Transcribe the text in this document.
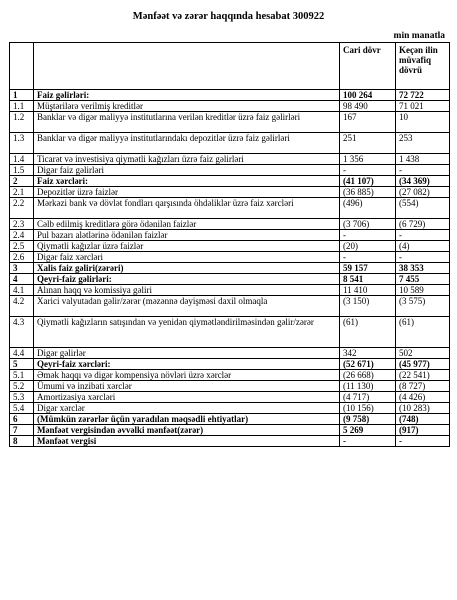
Mənfəət və zərər haqqında hesabat 300922
min manatla
		Cari dövr	Keçən ilin müvafiq dövrü
1	Faiz gəlirləri:	100 264	72 722
1.1	Müştərilərə verilmiş kreditlər	98 490	71 021
1.2	Banklar və digər maliyyə institutlarına verilən kreditlər üzrə faiz gəlirləri	167	10
1.3	Banklar və digər maliyyə institutlarındakı depozitlər üzrə faiz gəlirləri	251	253
1.4	Ticarət və investisiya qiymətli kağızları üzrə faiz gəlirləri	1 356	1 438
1.5	Digər faiz gəlirləri	-	-
2	Faiz xərcləri:	(41 107)	(34 369)
2.1	Depozitlər üzrə faizlər	(36 885)	(27 082)
2.2	Mərkəzi bank və dövlət fondları qarşısında öhdəliklər üzrə faiz xərcləri	(496)	(554)
2.3	Cəlb edilmiş kreditlərə görə ödənilən faizlər	(3 706)	(6 729)
2.4	Pul bazarı alətlərinə ödənilən faizlər	-	-
2.5	Qiymətli kağızlar üzrə faizlər	(20)	(4)
2.6	Digər faiz xərcləri	-	-
3	Xalis faiz gəliri(zərəri)	59 157	38 353
4	Qeyri-faiz gəlirləri:	8 541	7 455
4.1	Alınan haqq və komissiya gəliri	11 410	10 589
4.2	Xarici valyutadan gəlir/zərər (məzənnə dəyişməsi daxil olmaqla	(3 150)	(3 575)
4.3	Qiymətli kağızların satışından və yenidən qiymətləndirilməsindən gəlir/zərər	(61)	(61)
4.4	Digər gəlirlər	342	502
5	Qeyri-faiz xərcləri:	(52 671)	(45 977)
5.1	Əmək haqqı və digər kompensiya növləri üzrə xərclər	(26 668)	(22 541)
5.2	Ümumi və inzibati xərclər	(11 130)	(8 727)
5.3	Amortizasiya xərcləri	(4 717)	(4 426)
5.4	Digər xərclər	(10 156)	(10 283)
6	(Mümkün zərərlər üçün yaradılan məqsədli ehtiyatlar)	(9 758)	(748)
7	Mənfəət vergisindən əvvəlki mənfəət(zərər)	5 269	(917)
8	Mənfəət vergisi	-	-
